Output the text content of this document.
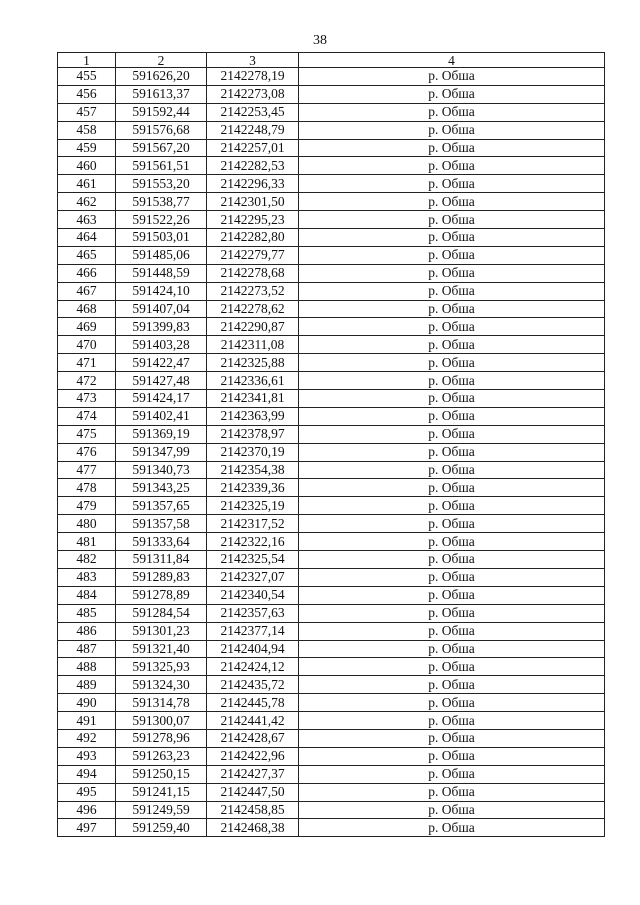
38
1	2	3	4
455	591626,20	2142278,19	р. Обша
456	591613,37	2142273,08	р. Обша
457	591592,44	2142253,45	р. Обша
458	591576,68	2142248,79	р. Обша
459	591567,20	2142257,01	р. Обша
460	591561,51	2142282,53	р. Обша
461	591553,20	2142296,33	р. Обша
462	591538,77	2142301,50	р. Обша
463	591522,26	2142295,23	р. Обша
464	591503,01	2142282,80	р. Обша
465	591485,06	2142279,77	р. Обша
466	591448,59	2142278,68	р. Обша
467	591424,10	2142273,52	р. Обша
468	591407,04	2142278,62	р. Обша
469	591399,83	2142290,87	р. Обша
470	591403,28	2142311,08	р. Обша
471	591422,47	2142325,88	р. Обша
472	591427,48	2142336,61	р. Обша
473	591424,17	2142341,81	р. Обша
474	591402,41	2142363,99	р. Обша
475	591369,19	2142378,97	р. Обша
476	591347,99	2142370,19	р. Обша
477	591340,73	2142354,38	р. Обша
478	591343,25	2142339,36	р. Обша
479	591357,65	2142325,19	р. Обша
480	591357,58	2142317,52	р. Обша
481	591333,64	2142322,16	р. Обша
482	591311,84	2142325,54	р. Обша
483	591289,83	2142327,07	р. Обша
484	591278,89	2142340,54	р. Обша
485	591284,54	2142357,63	р. Обша
486	591301,23	2142377,14	р. Обша
487	591321,40	2142404,94	р. Обша
488	591325,93	2142424,12	р. Обша
489	591324,30	2142435,72	р. Обша
490	591314,78	2142445,78	р. Обша
491	591300,07	2142441,42	р. Обша
492	591278,96	2142428,67	р. Обша
493	591263,23	2142422,96	р. Обша
494	591250,15	2142427,37	р. Обша
495	591241,15	2142447,50	р. Обша
496	591249,59	2142458,85	р. Обша
497	591259,40	2142468,38	р. Обша
